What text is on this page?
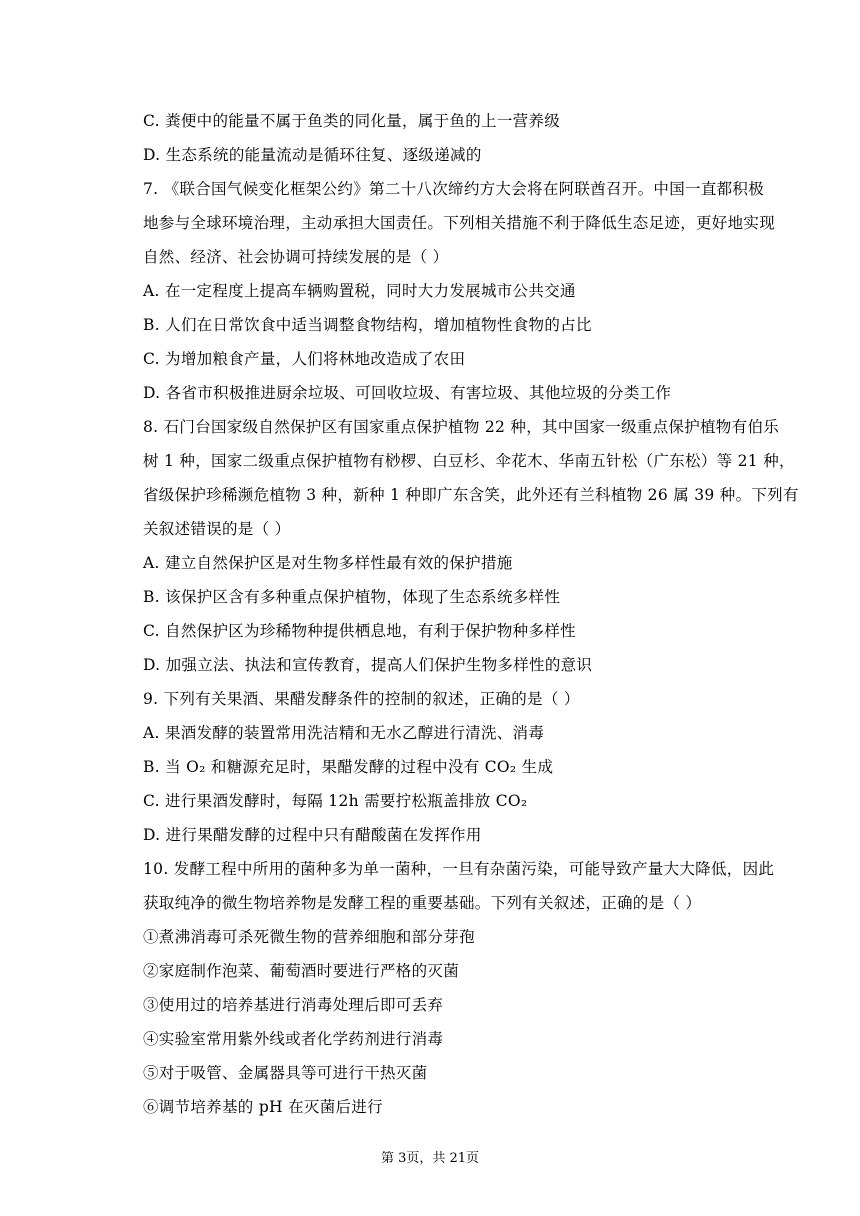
C. 粪便中的能量不属于鱼类的同化量，属于鱼的上一营养级
D. 生态系统的能量流动是循环往复、逐级递减的
7. 《联合国气候变化框架公约》第二十八次缔约方大会将在阿联酋召开。中国一直都积极
地参与全球环境治理，主动承担大国责任。下列相关措施不利于降低生态足迹，更好地实现
自然、经济、社会协调可持续发展的是（ ）
A. 在一定程度上提高车辆购置税，同时大力发展城市公共交通
B. 人们在日常饮食中适当调整食物结构，增加植物性食物的占比
C. 为增加粮食产量，人们将林地改造成了农田
D. 各省市积极推进厨余垃圾、可回收垃圾、有害垃圾、其他垃圾的分类工作
8. 石门台国家级自然保护区有国家重点保护植物 22 种，其中国家一级重点保护植物有伯乐
树 1 种，国家二级重点保护植物有桫椤、白豆杉、伞花木、华南五针松（广东松）等 21 种，
省级保护珍稀濒危植物 3 种，新种 1 种即广东含笑，此外还有兰科植物 26 属 39 种。下列有
关叙述错误的是（ ）
A. 建立自然保护区是对生物多样性最有效的保护措施
B. 该保护区含有多种重点保护植物，体现了生态系统多样性
C. 自然保护区为珍稀物种提供栖息地，有利于保护物种多样性
D. 加强立法、执法和宣传教育，提高人们保护生物多样性的意识
9. 下列有关果酒、果醋发酵条件的控制的叙述，正确的是（ ）
A. 果酒发酵的装置常用洗洁精和无水乙醇进行清洗、消毒
B. 当 O₂ 和糖源充足时，果醋发酵的过程中没有 CO₂ 生成
C. 进行果酒发酵时，每隔 12h 需要拧松瓶盖排放 CO₂
D. 进行果醋发酵的过程中只有醋酸菌在发挥作用
10. 发酵工程中所用的菌种多为单一菌种，一旦有杂菌污染，可能导致产量大大降低，因此
获取纯净的微生物培养物是发酵工程的重要基础。下列有关叙述，正确的是（ ）
①煮沸消毒可杀死微生物的营养细胞和部分芽孢
②家庭制作泡菜、葡萄酒时要进行严格的灭菌
③使用过的培养基进行消毒处理后即可丢弃
④实验室常用紫外线或者化学药剂进行消毒
⑤对于吸管、金属器具等可进行干热灭菌
⑥调节培养基的 pH 在灭菌后进行
第 3页，共 21页
